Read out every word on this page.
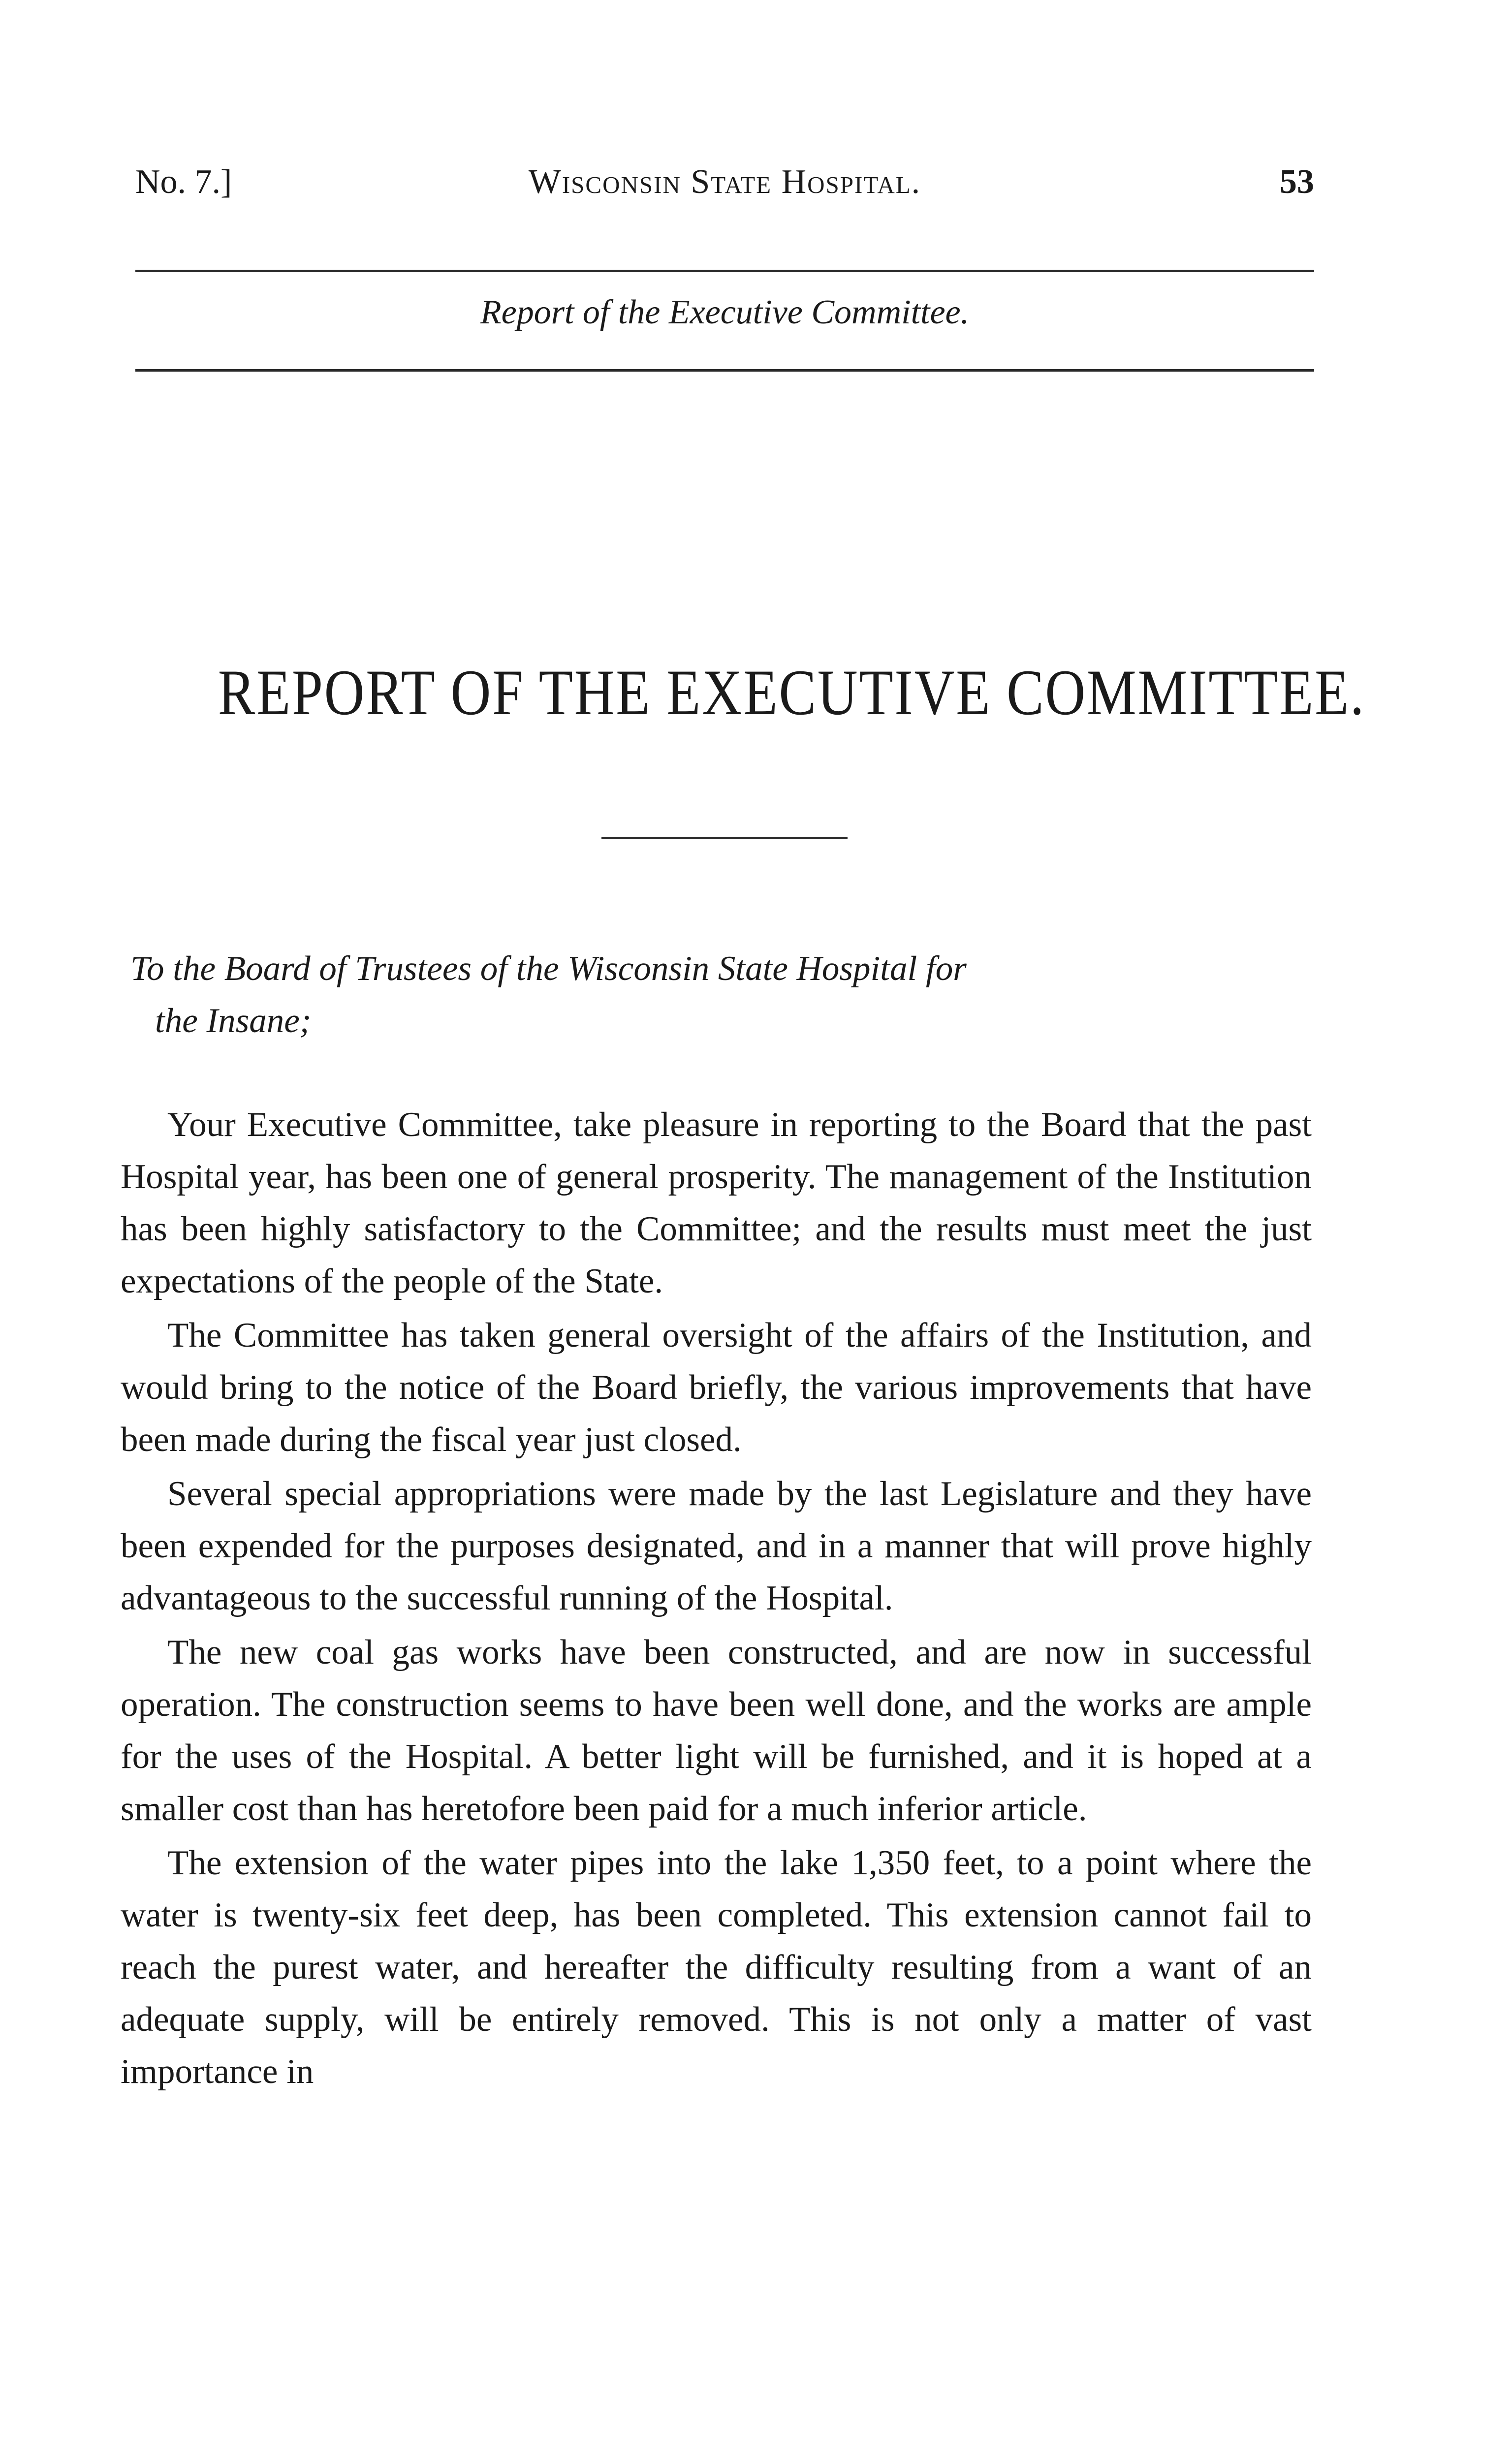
No. 7.]	Wisconsin State Hospital.	53
Report of the Executive Committee.
REPORT OF THE EXECUTIVE COMMITTEE.

To the Board of Trustees of the Wisconsin State Hospital for
the Insane;

Your Executive Committee, take pleasure in reporting to the Board that the past Hospital year, has been one of general prosperity. The management of the Institution has been highly satisfactory to the Committee; and the results must meet the just expectations of the people of the State.

The Committee has taken general oversight of the affairs of the Institution, and would bring to the notice of the Board briefly, the various improvements that have been made during the fiscal year just closed.

Several special appropriations were made by the last Legislature and they have been expended for the purposes designated, and in a manner that will prove highly advantageous to the successful running of the Hospital.

The new coal gas works have been constructed, and are now in successful operation. The construction seems to have been well done, and the works are ample for the uses of the Hospital. A better light will be furnished, and it is hoped at a smaller cost than has heretofore been paid for a much inferior article.

The extension of the water pipes into the lake 1,350 feet, to a point where the water is twenty-six feet deep, has been completed. This extension cannot fail to reach the purest water, and hereafter the difficulty resulting from a want of an adequate supply, will be entirely removed. This is not only a matter of vast importance in
